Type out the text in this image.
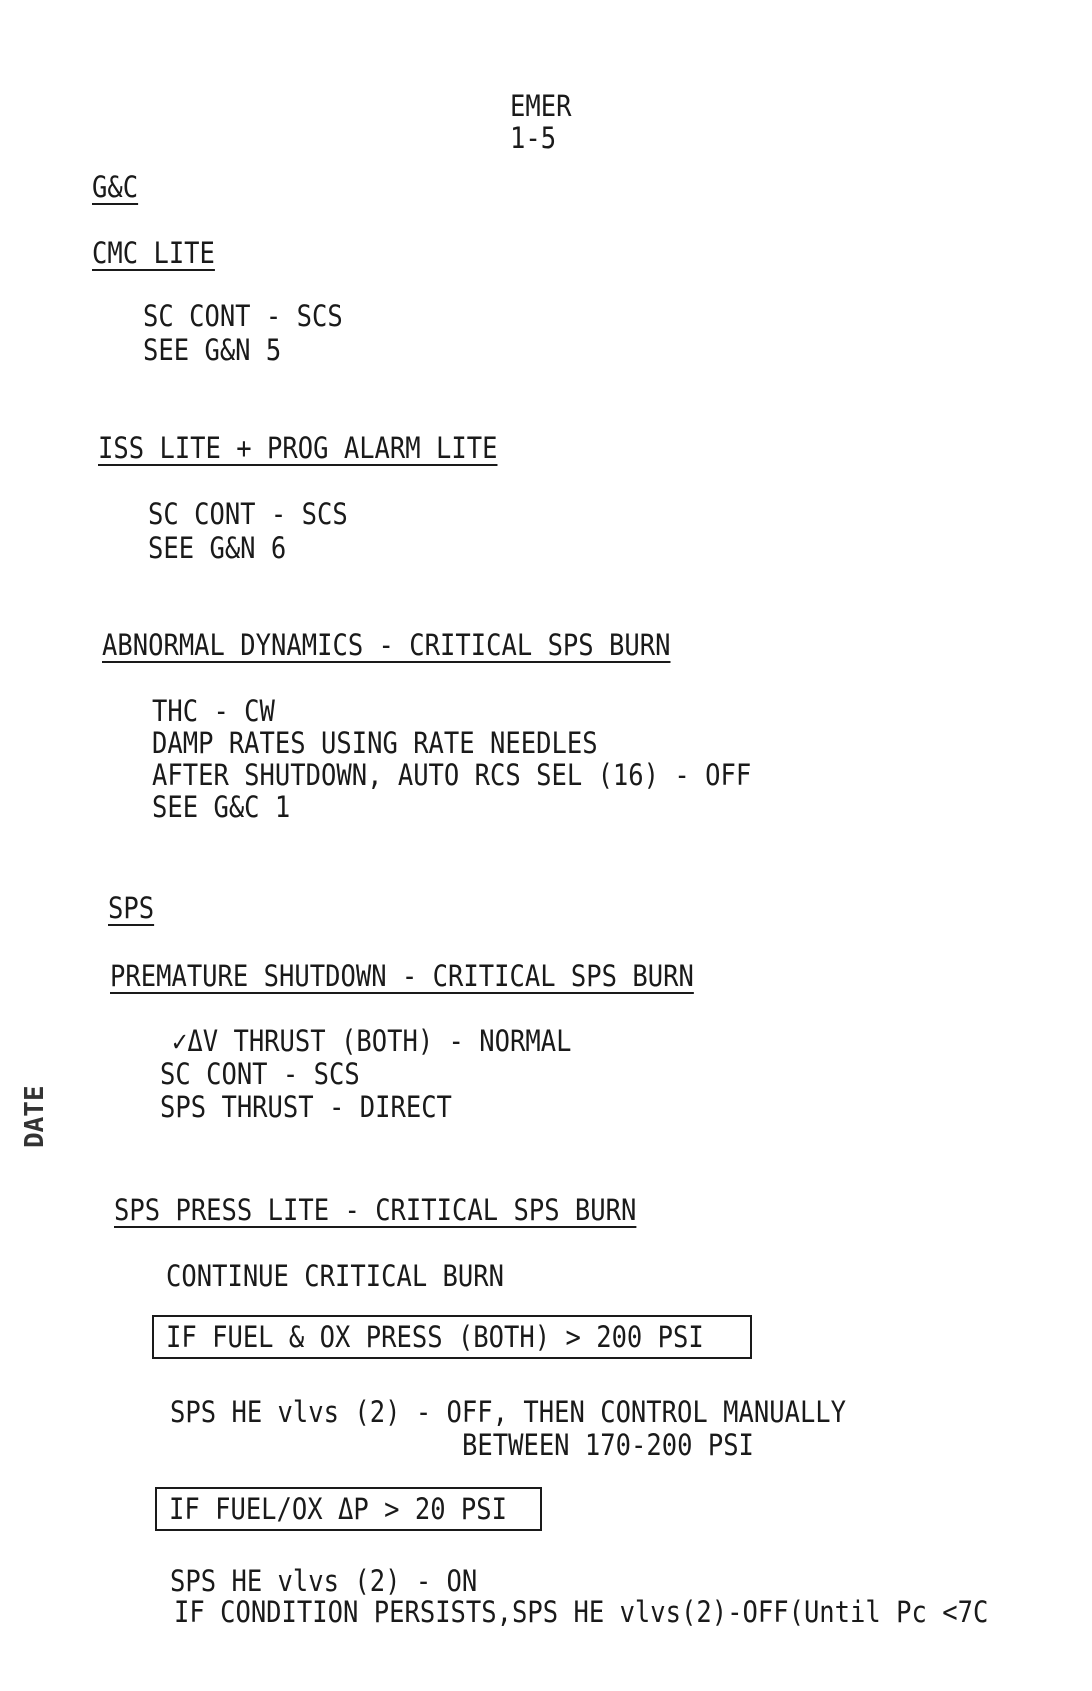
EMER
1-5
G&C
CMC LITE
SC CONT - SCS
SEE G&N 5
ISS LITE + PROG ALARM LITE
SC CONT - SCS
SEE G&N 6
ABNORMAL DYNAMICS - CRITICAL SPS BURN
THC - CW
DAMP RATES USING RATE NEEDLES
AFTER SHUTDOWN, AUTO RCS SEL (16) - OFF
SEE G&C 1
SPS
PREMATURE SHUTDOWN - CRITICAL SPS BURN
✓ΔV THRUST (BOTH) - NORMAL
SC CONT - SCS
SPS THRUST - DIRECT
DATE
SPS PRESS LITE - CRITICAL SPS BURN
CONTINUE CRITICAL BURN
IF FUEL & OX PRESS (BOTH) > 200 PSI
SPS HE vlvs (2) - OFF, THEN CONTROL MANUALLY
BETWEEN 170-200 PSI
IF FUEL/OX ΔP > 20 PSI
SPS HE vlvs (2) - ON
IF CONDITION PERSISTS,SPS HE vlvs(2)-OFF(Until Pc <7C
